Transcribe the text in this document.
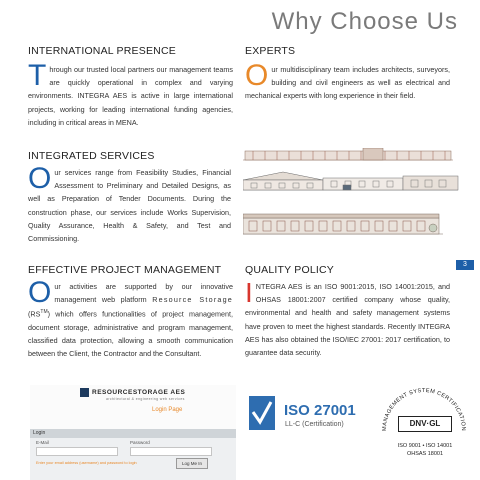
Why Choose Us
INTERNATIONAL PRESENCE
Through our trusted local partners our management teams are quickly operational in complex and varying environments. INTEGRA AES is active in large international projects, working for leading international funding agencies, including in critical areas in MENA.
EXPERTS
Our multidisciplinary team includes architects, surveyors, building and civil engineers as well as electrical and mechanical experts with long experience in their field.
INTEGRATED SERVICES
Our services range from Feasibility Studies, Financial Assessment to Preliminary and Detailed Designs, as well as Preparation of Tender Documents. During the construction phase, our services include Works Supervision, Quality Assurance, Health & Safety, and Test and Commissioning.
3
EFFECTIVE PROJECT MANAGEMENT
Our activities are supported by our innovative management web platform Resource Storage (RS™) which offers functionalities of project management, document storage, administrative and program management, classified data protection, allowing a smooth communication between the Client, the Contractor and the Consultant.
QUALITY POLICY
INTEGRA AES is an ISO 9001:2015, ISO 14001:2015, and OHSAS 18001:2007 certified company whose quality, environmental and health and safety management systems have proven to meet the highest standards. Recently INTEGRA AES has also obtained the ISO/IEC 27001: 2017 certification, to guarantee data security.
RESOURCESTORAGE AES
architectural & engineering web services
Login Page
Login
E-Mail	Password
Enter your email address (username) and password to login	Log Me In
ISO 27001
LL-C (Certification)
MANAGEMENT SYSTEM CERTIFICATION
DNV·GL
ISO 9001 • ISO 14001
OHSAS 18001
